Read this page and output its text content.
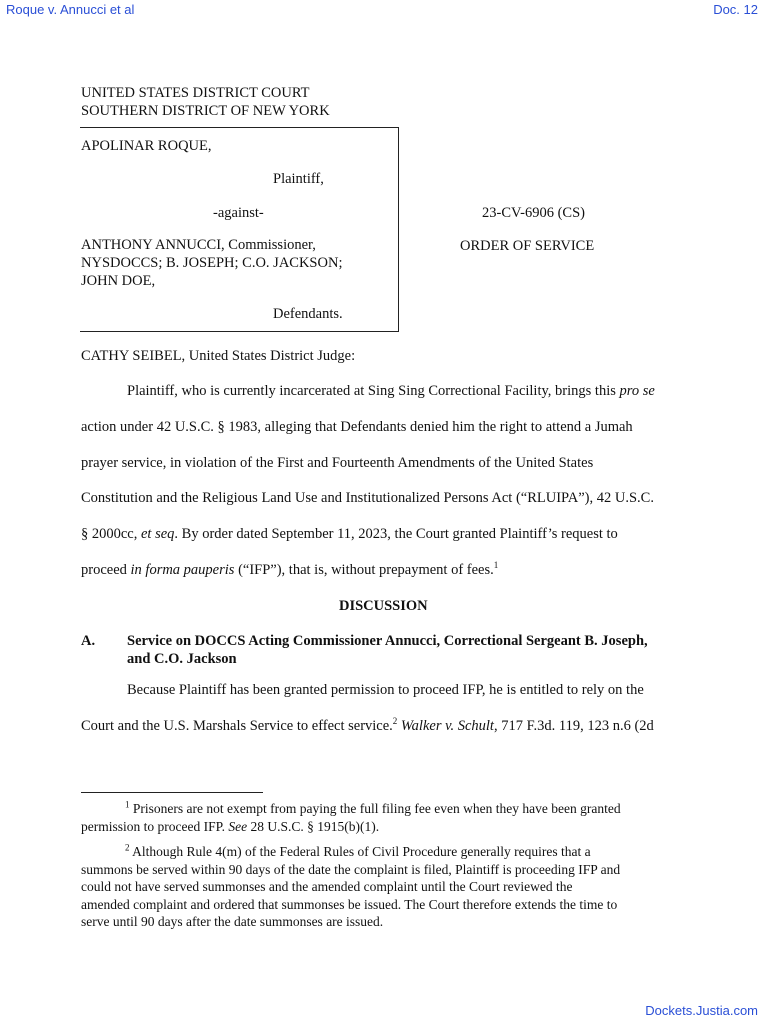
Roque v. Annucci et al	Doc. 12
UNITED STATES DISTRICT COURT
SOUTHERN DISTRICT OF NEW YORK
APOLINAR ROQUE,
Plaintiff,
-against-
ANTHONY ANNUCCI, Commissioner,
NYSDOCCS; B. JOSEPH; C.O. JACKSON;
JOHN DOE,
Defendants.
23-CV-6906 (CS)
ORDER OF SERVICE
CATHY SEIBEL, United States District Judge:
Plaintiff, who is currently incarcerated at Sing Sing Correctional Facility, brings this pro se
action under 42 U.S.C. § 1983, alleging that Defendants denied him the right to attend a Jumah
prayer service, in violation of the First and Fourteenth Amendments of the United States
Constitution and the Religious Land Use and Institutionalized Persons Act (“RLUIPA”), 42 U.S.C.
§ 2000cc, et seq. By order dated September 11, 2023, the Court granted Plaintiff’s request to
proceed in forma pauperis (“IFP”), that is, without prepayment of fees.$^1$
DISCUSSION
A. Service on DOCCS Acting Commissioner Annucci, Correctional Sergeant B. Joseph,
and C.O. Jackson
Because Plaintiff has been granted permission to proceed IFP, he is entitled to rely on the
Court and the U.S. Marshals Service to effect service.$^2$ Walker v. Schult, 717 F.3d. 119, 123 n.6 (2d
$^1$ Prisoners are not exempt from paying the full filing fee even when they have been granted
permission to proceed IFP. See 28 U.S.C. § 1915(b)(1).
$^2$ Although Rule 4(m) of the Federal Rules of Civil Procedure generally requires that a
summons be served within 90 days of the date the complaint is filed, Plaintiff is proceeding IFP and
could not have served summonses and the amended complaint until the Court reviewed the
amended complaint and ordered that summonses be issued. The Court therefore extends the time to
serve until 90 days after the date summonses are issued.
Dockets.Justia.com
